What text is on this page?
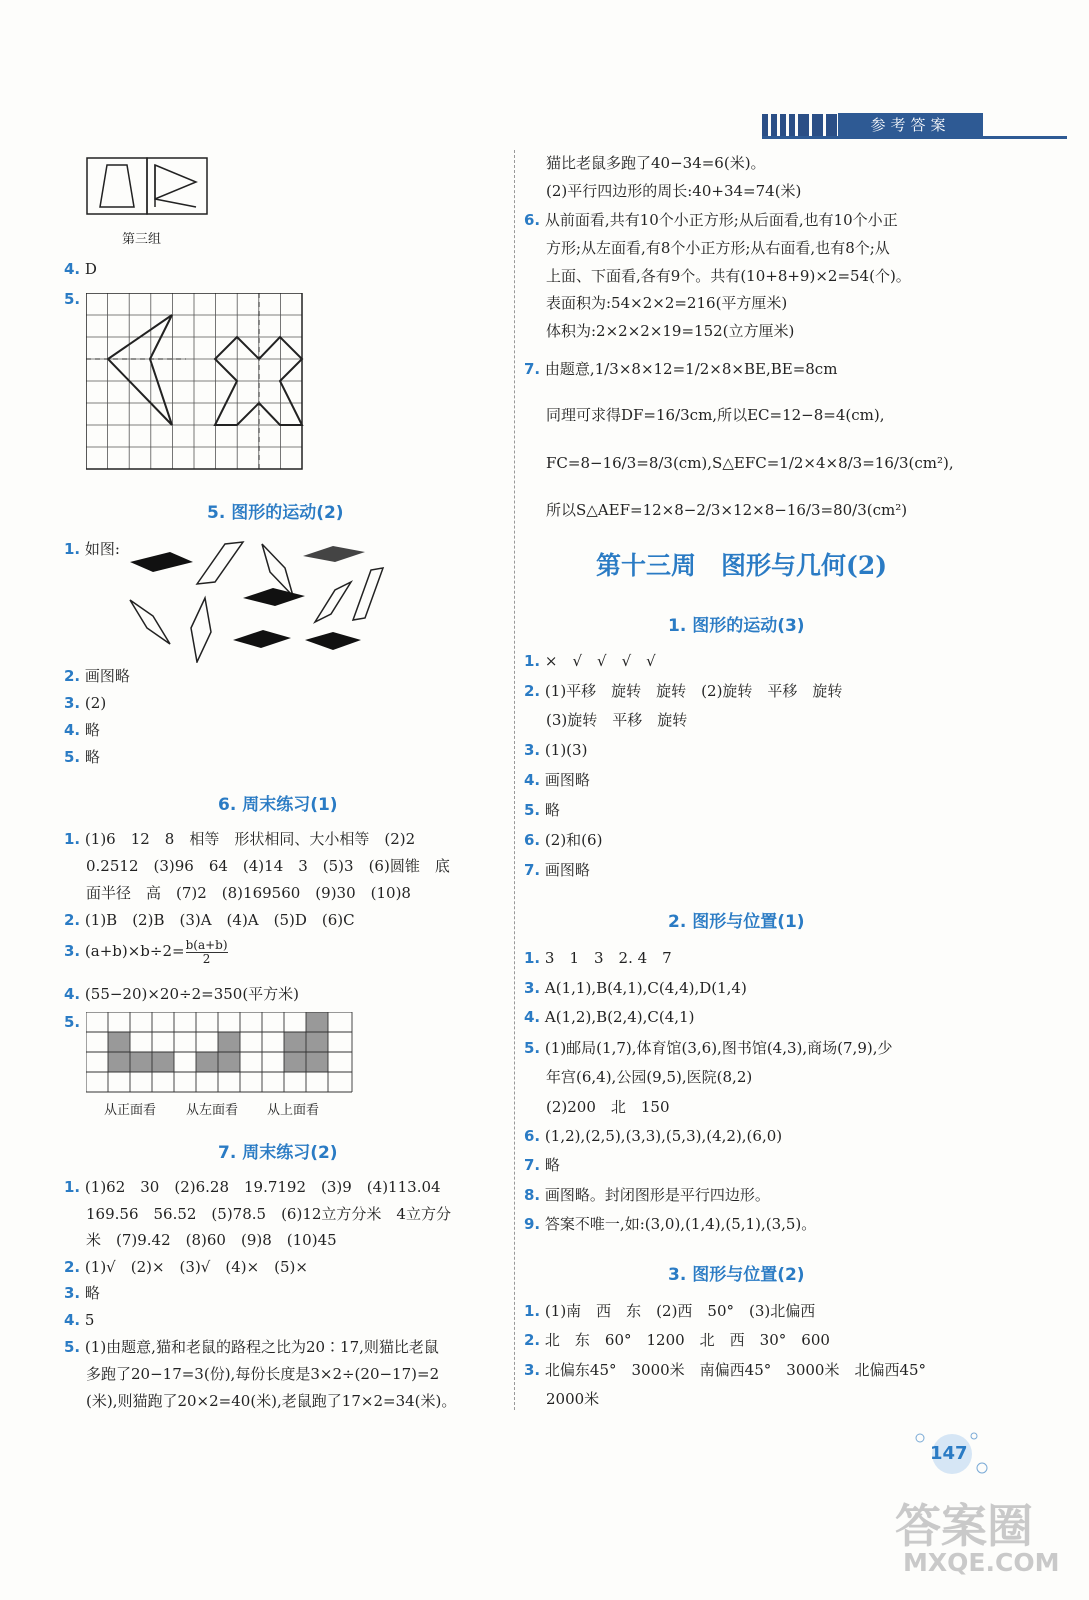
参考答案
第三组
4. D
5.
5. 图形的运动(2)
1. 如图:
2. 画图略
3. (2)
4. 略
5. 略
6. 周末练习(1)
1. (1)6　12　8　相等　形状相同、大小相等　(2)2
0.2512　(3)96　64　(4)14　3　(5)3　(6)圆锥　底
面半径　高　(7)2　(8)169560　(9)30　(10)8
2. (1)B　(2)B　(3)A　(4)A　(5)D　(6)C
3. $(a+b)\times b\div 2= \frac{b(a+b)}{2}$
4. (55−20)×20÷2=350(平方米)
5.
从正面看 从左面看 从上面看
7. 周末练习(2)
1. (1)62　30　(2)6.28　19.7192　(3)9　(4)113.04
169.56　56.52　(5)78.5　(6)12立方分米　4立方分
米　(7)9.42　(8)60　(9)8　(10)45
2. (1)√　(2)×　(3)√　(4)×　(5)×
3. 略
4. 5
5. (1)由题意,猫和老鼠的路程之比为20∶17,则猫比老鼠
多跑了20−17=3(份),每份长度是3×2÷(20−17)=2
(米),则猫跑了20×2=40(米),老鼠跑了17×2=34(米)。
猫比老鼠多跑了40−34=6(米)。
(2)平行四边形的周长:40+34=74(米)
6. 从前面看,共有10个小正方形;从后面看,也有10个小正
方形;从左面看,有8个小正方形;从右面看,也有8个;从
上面、下面看,各有9个。共有(10+8+9)×2=54(个)。
表面积为:54×2×2=216(平方厘米)
体积为:2×2×2×19=152(立方厘米)
7. 由题意,1/3×8×12=1/2×8×BE,BE=8cm
同理可求得DF=16/3cm,所以EC=12−8=4(cm),
FC=8−16/3=8/3(cm),S△EFC=1/2×4×8/3=16/3(cm²),
所以S△AEF=12×8−2/3×12×8−16/3=80/3(cm²)
第十三周　图形与几何(2)
1. 图形的运动(3)
1. ×　√　√　√　√
2. (1)平移　旋转　旋转　(2)旋转　平移　旋转
(3)旋转　平移　旋转
3. (1)(3)
4. 画图略
5. 略
6. (2)和(6)
7. 画图略
2. 图形与位置(1)
1. 3　1　3　2. 4　7
3. A(1,1),B(4,1),C(4,4),D(1,4)
4. A(1,2),B(2,4),C(4,1)
5. (1)邮局(1,7),体育馆(3,6),图书馆(4,3),商场(7,9),少
年宫(6,4),公园(9,5),医院(8,2)
(2)200　北　150
6. (1,2),(2,5),(3,3),(5,3),(4,2),(6,0)
7. 略
8. 画图略。封闭图形是平行四边形。
9. 答案不唯一,如:(3,0),(1,4),(5,1),(3,5)。
3. 图形与位置(2)
1. (1)南　西　东　(2)西　50°　(3)北偏西
2. 北　东　60°　1200　北　西　30°　600
3. 北偏东45°　3000米　南偏西45°　3000米　北偏西45°
2000米
147
答案圈
MXQE.COM
